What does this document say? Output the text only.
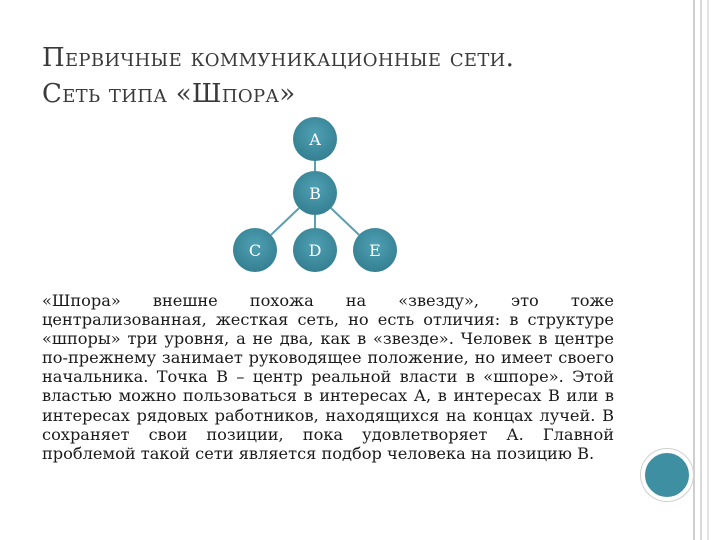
Первичные коммуникационные сети.
Сеть типа «Шпора»
А
В
С	D	Е
«Шпора» внешне похожа на «звезду», это тоже централизованная, жесткая сеть, но есть отличия: в структуре «шпоры» три уровня, а не два, как в «звезде». Человек в центре по-прежнему занимает руководящее положение, но имеет своего начальника. Точка В – центр реальной власти в «шпоре». Этой властью можно пользоваться в интересах А, в интересах В или в интересах рядовых работников, находящихся на концах лучей. В сохраняет свои позиции, пока удовлетворяет А. Главной проблемой такой сети является подбор человека на позицию В.
